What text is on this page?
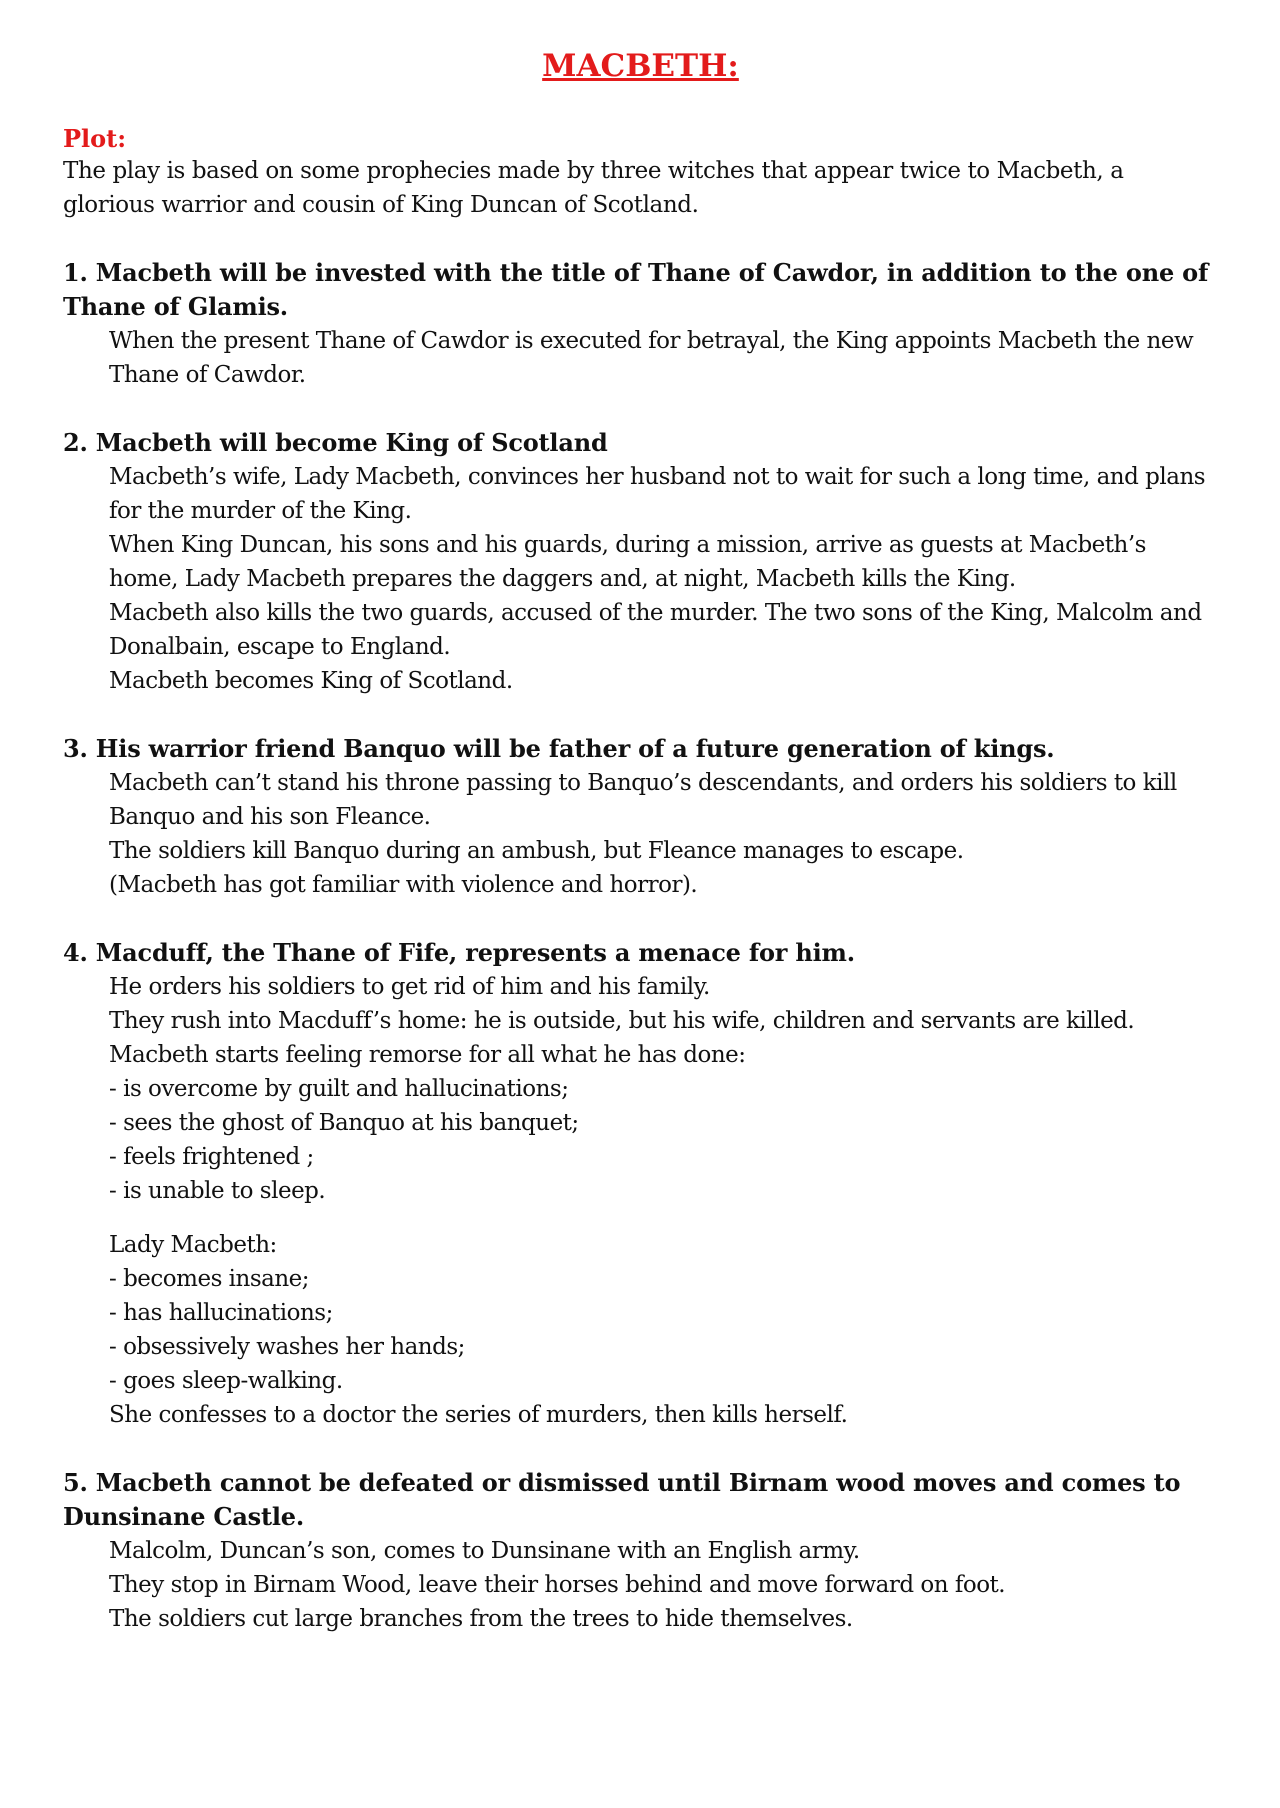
MACBETH:

Plot:

The play is based on some prophecies made by three witches that appear twice to Macbeth, a glorious warrior and cousin of King Duncan of Scotland.

1. Macbeth will be invested with the title of Thane of Cawdor, in addition to the one of Thane of Glamis.

When the present Thane of Cawdor is executed for betrayal, the King appoints Macbeth the new Thane of Cawdor.

2. Macbeth will become King of Scotland

Macbeth’s wife, Lady Macbeth, convinces her husband not to wait for such a long time, and plans for the murder of the King.

When King Duncan, his sons and his guards, during a mission, arrive as guests at Macbeth’s home, Lady Macbeth prepares the daggers and, at night, Macbeth kills the King.

Macbeth also kills the two guards, accused of the murder. The two sons of the King, Malcolm and Donalbain, escape to England.

Macbeth becomes King of Scotland.

3. His warrior friend Banquo will be father of a future generation of kings.

Macbeth can’t stand his throne passing to Banquo’s descendants, and orders his soldiers to kill Banquo and his son Fleance.

The soldiers kill Banquo during an ambush, but Fleance manages to escape.

(Macbeth has got familiar with violence and horror).

4. Macduff, the Thane of Fife, represents a menace for him.

He orders his soldiers to get rid of him and his family.

They rush into Macduff’s home: he is outside, but his wife, children and servants are killed.

Macbeth starts feeling remorse for all what he has done:

- is overcome by guilt and hallucinations;

- sees the ghost of Banquo at his banquet;

- feels frightened ;

- is unable to sleep.

Lady Macbeth:

- becomes insane;

- has hallucinations;

- obsessively washes her hands;

- goes sleep-walking.

She confesses to a doctor the series of murders, then kills herself.

5. Macbeth cannot be defeated or dismissed until Birnam wood moves and comes to Dunsinane Castle.

Malcolm, Duncan’s son, comes to Dunsinane with an English army.

They stop in Birnam Wood, leave their horses behind and move forward on foot.

The soldiers cut large branches from the trees to hide themselves.
